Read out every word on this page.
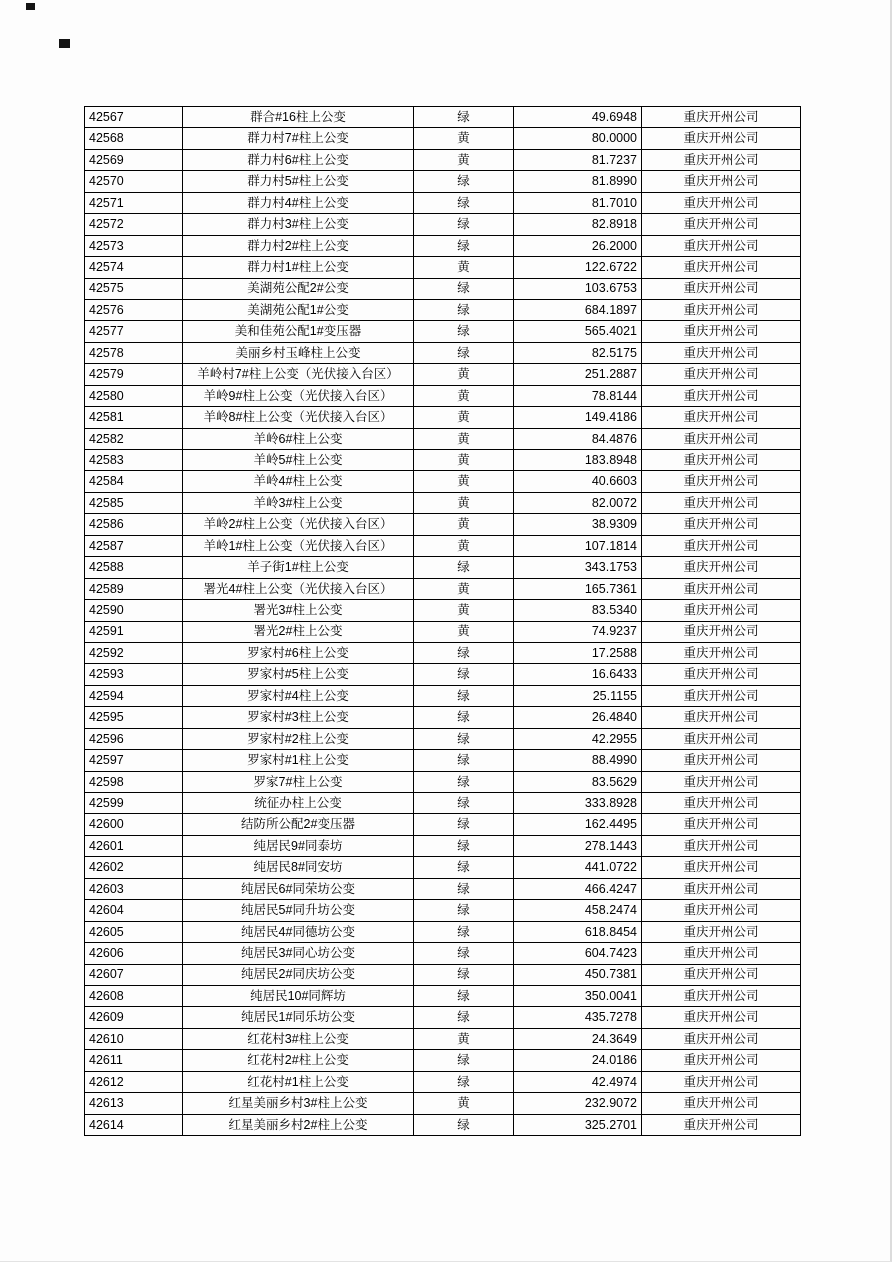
42567	群合#16柱上公变	绿	49.6948	重庆开州公司
42568	群力村7#柱上公变	黄	80.0000	重庆开州公司
42569	群力村6#柱上公变	黄	81.7237	重庆开州公司
42570	群力村5#柱上公变	绿	81.8990	重庆开州公司
42571	群力村4#柱上公变	绿	81.7010	重庆开州公司
42572	群力村3#柱上公变	绿	82.8918	重庆开州公司
42573	群力村2#柱上公变	绿	26.2000	重庆开州公司
42574	群力村1#柱上公变	黄	122.6722	重庆开州公司
42575	美湖苑公配2#公变	绿	103.6753	重庆开州公司
42576	美湖苑公配1#公变	绿	684.1897	重庆开州公司
42577	美和佳苑公配1#变压器	绿	565.4021	重庆开州公司
42578	美丽乡村玉峰柱上公变	绿	82.5175	重庆开州公司
42579	羊岭村7#柱上公变（光伏接入台区）	黄	251.2887	重庆开州公司
42580	羊岭9#柱上公变（光伏接入台区）	黄	78.8144	重庆开州公司
42581	羊岭8#柱上公变（光伏接入台区）	黄	149.4186	重庆开州公司
42582	羊岭6#柱上公变	黄	84.4876	重庆开州公司
42583	羊岭5#柱上公变	黄	183.8948	重庆开州公司
42584	羊岭4#柱上公变	黄	40.6603	重庆开州公司
42585	羊岭3#柱上公变	黄	82.0072	重庆开州公司
42586	羊岭2#柱上公变（光伏接入台区）	黄	38.9309	重庆开州公司
42587	羊岭1#柱上公变（光伏接入台区）	黄	107.1814	重庆开州公司
42588	羊子街1#柱上公变	绿	343.1753	重庆开州公司
42589	署光4#柱上公变（光伏接入台区）	黄	165.7361	重庆开州公司
42590	署光3#柱上公变	黄	83.5340	重庆开州公司
42591	署光2#柱上公变	黄	74.9237	重庆开州公司
42592	罗家村#6柱上公变	绿	17.2588	重庆开州公司
42593	罗家村#5柱上公变	绿	16.6433	重庆开州公司
42594	罗家村#4柱上公变	绿	25.1155	重庆开州公司
42595	罗家村#3柱上公变	绿	26.4840	重庆开州公司
42596	罗家村#2柱上公变	绿	42.2955	重庆开州公司
42597	罗家村#1柱上公变	绿	88.4990	重庆开州公司
42598	罗家7#柱上公变	绿	83.5629	重庆开州公司
42599	统征办柱上公变	绿	333.8928	重庆开州公司
42600	结防所公配2#变压器	绿	162.4495	重庆开州公司
42601	纯居民9#同泰坊	绿	278.1443	重庆开州公司
42602	纯居民8#同安坊	绿	441.0722	重庆开州公司
42603	纯居民6#同荣坊公变	绿	466.4247	重庆开州公司
42604	纯居民5#同升坊公变	绿	458.2474	重庆开州公司
42605	纯居民4#同德坊公变	绿	618.8454	重庆开州公司
42606	纯居民3#同心坊公变	绿	604.7423	重庆开州公司
42607	纯居民2#同庆坊公变	绿	450.7381	重庆开州公司
42608	纯居民10#同辉坊	绿	350.0041	重庆开州公司
42609	纯居民1#同乐坊公变	绿	435.7278	重庆开州公司
42610	红花村3#柱上公变	黄	24.3649	重庆开州公司
42611	红花村2#柱上公变	绿	24.0186	重庆开州公司
42612	红花村#1柱上公变	绿	42.4974	重庆开州公司
42613	红星美丽乡村3#柱上公变	黄	232.9072	重庆开州公司
42614	红星美丽乡村2#柱上公变	绿	325.2701	重庆开州公司
